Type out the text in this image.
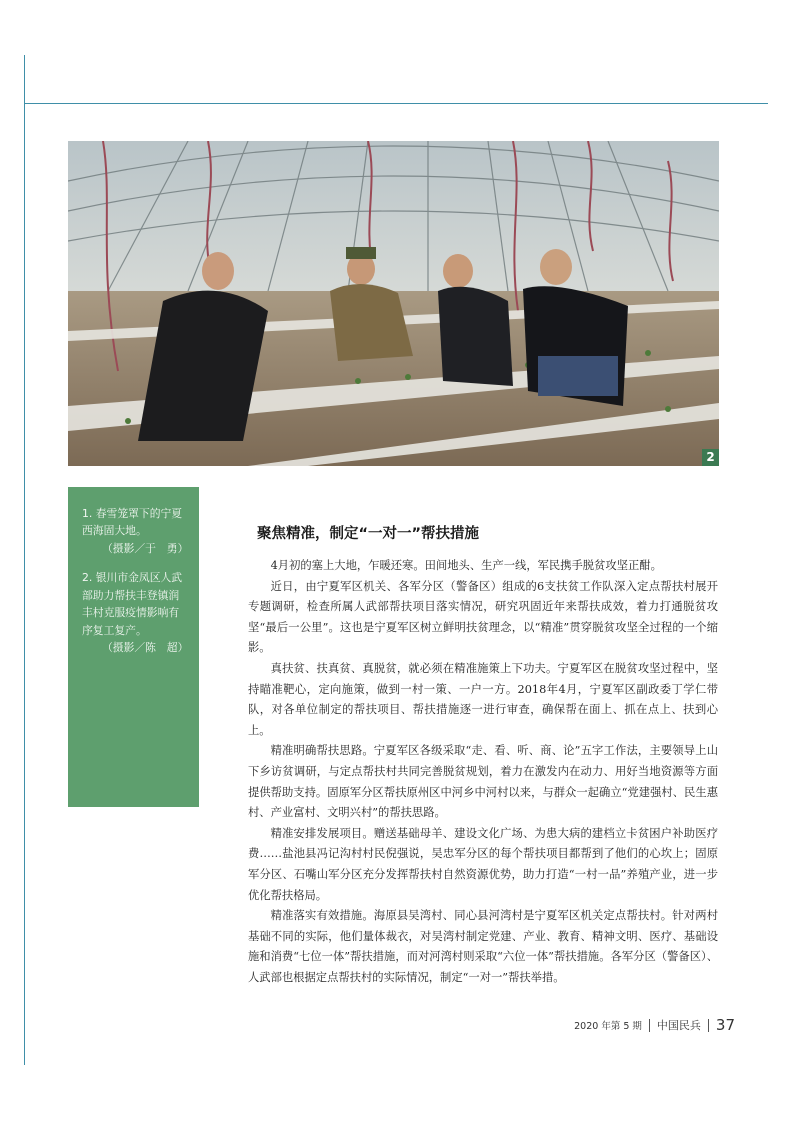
2
1. 春雪笼罩下的宁夏西海固大地。
（摄影／于　勇）
2. 银川市金凤区人武部助力帮扶丰登镇润丰村克服疫情影响有序复工复产。
（摄影／陈　超）
聚焦精准，制定“一对一”帮扶措施

4月初的塞上大地，乍暖还寒。田间地头、生产一线，军民携手脱贫攻坚正酣。

近日，由宁夏军区机关、各军分区（警备区）组成的6支扶贫工作队深入定点帮扶村展开专题调研，检查所属人武部帮扶项目落实情况，研究巩固近年来帮扶成效，着力打通脱贫攻坚“最后一公里”。这也是宁夏军区树立鲜明扶贫理念，以“精准”贯穿脱贫攻坚全过程的一个缩影。

真扶贫、扶真贫、真脱贫，就必须在精准施策上下功夫。宁夏军区在脱贫攻坚过程中，坚持瞄准靶心，定向施策，做到一村一策、一户一方。2018年4月，宁夏军区副政委丁学仁带队，对各单位制定的帮扶项目、帮扶措施逐一进行审查，确保帮在面上、抓在点上、扶到心上。

精准明确帮扶思路。宁夏军区各级采取“走、看、听、商、论”五字工作法，主要领导上山下乡访贫调研，与定点帮扶村共同完善脱贫规划，着力在激发内在动力、用好当地资源等方面提供帮助支持。固原军分区帮扶原州区中河乡中河村以来，与群众一起确立“党建强村、民生惠村、产业富村、文明兴村”的帮扶思路。

精准安排发展项目。赠送基础母羊、建设文化广场、为患大病的建档立卡贫困户补助医疗费……盐池县冯记沟村村民倪强说，吴忠军分区的每个帮扶项目都帮到了他们的心坎上；固原军分区、石嘴山军分区充分发挥帮扶村自然资源优势，助力打造“一村一品”养殖产业，进一步优化帮扶格局。

精准落实有效措施。海原县吴湾村、同心县河湾村是宁夏军区机关定点帮扶村。针对两村基础不同的实际，他们量体裁衣，对吴湾村制定党建、产业、教育、精神文明、医疗、基础设施和消费“七位一体”帮扶措施，而对河湾村则采取“六位一体”帮扶措施。各军分区（警备区）、人武部也根据定点帮扶村的实际情况，制定“一对一”帮扶举措。

2020 年第 5 期 中国民兵 37
